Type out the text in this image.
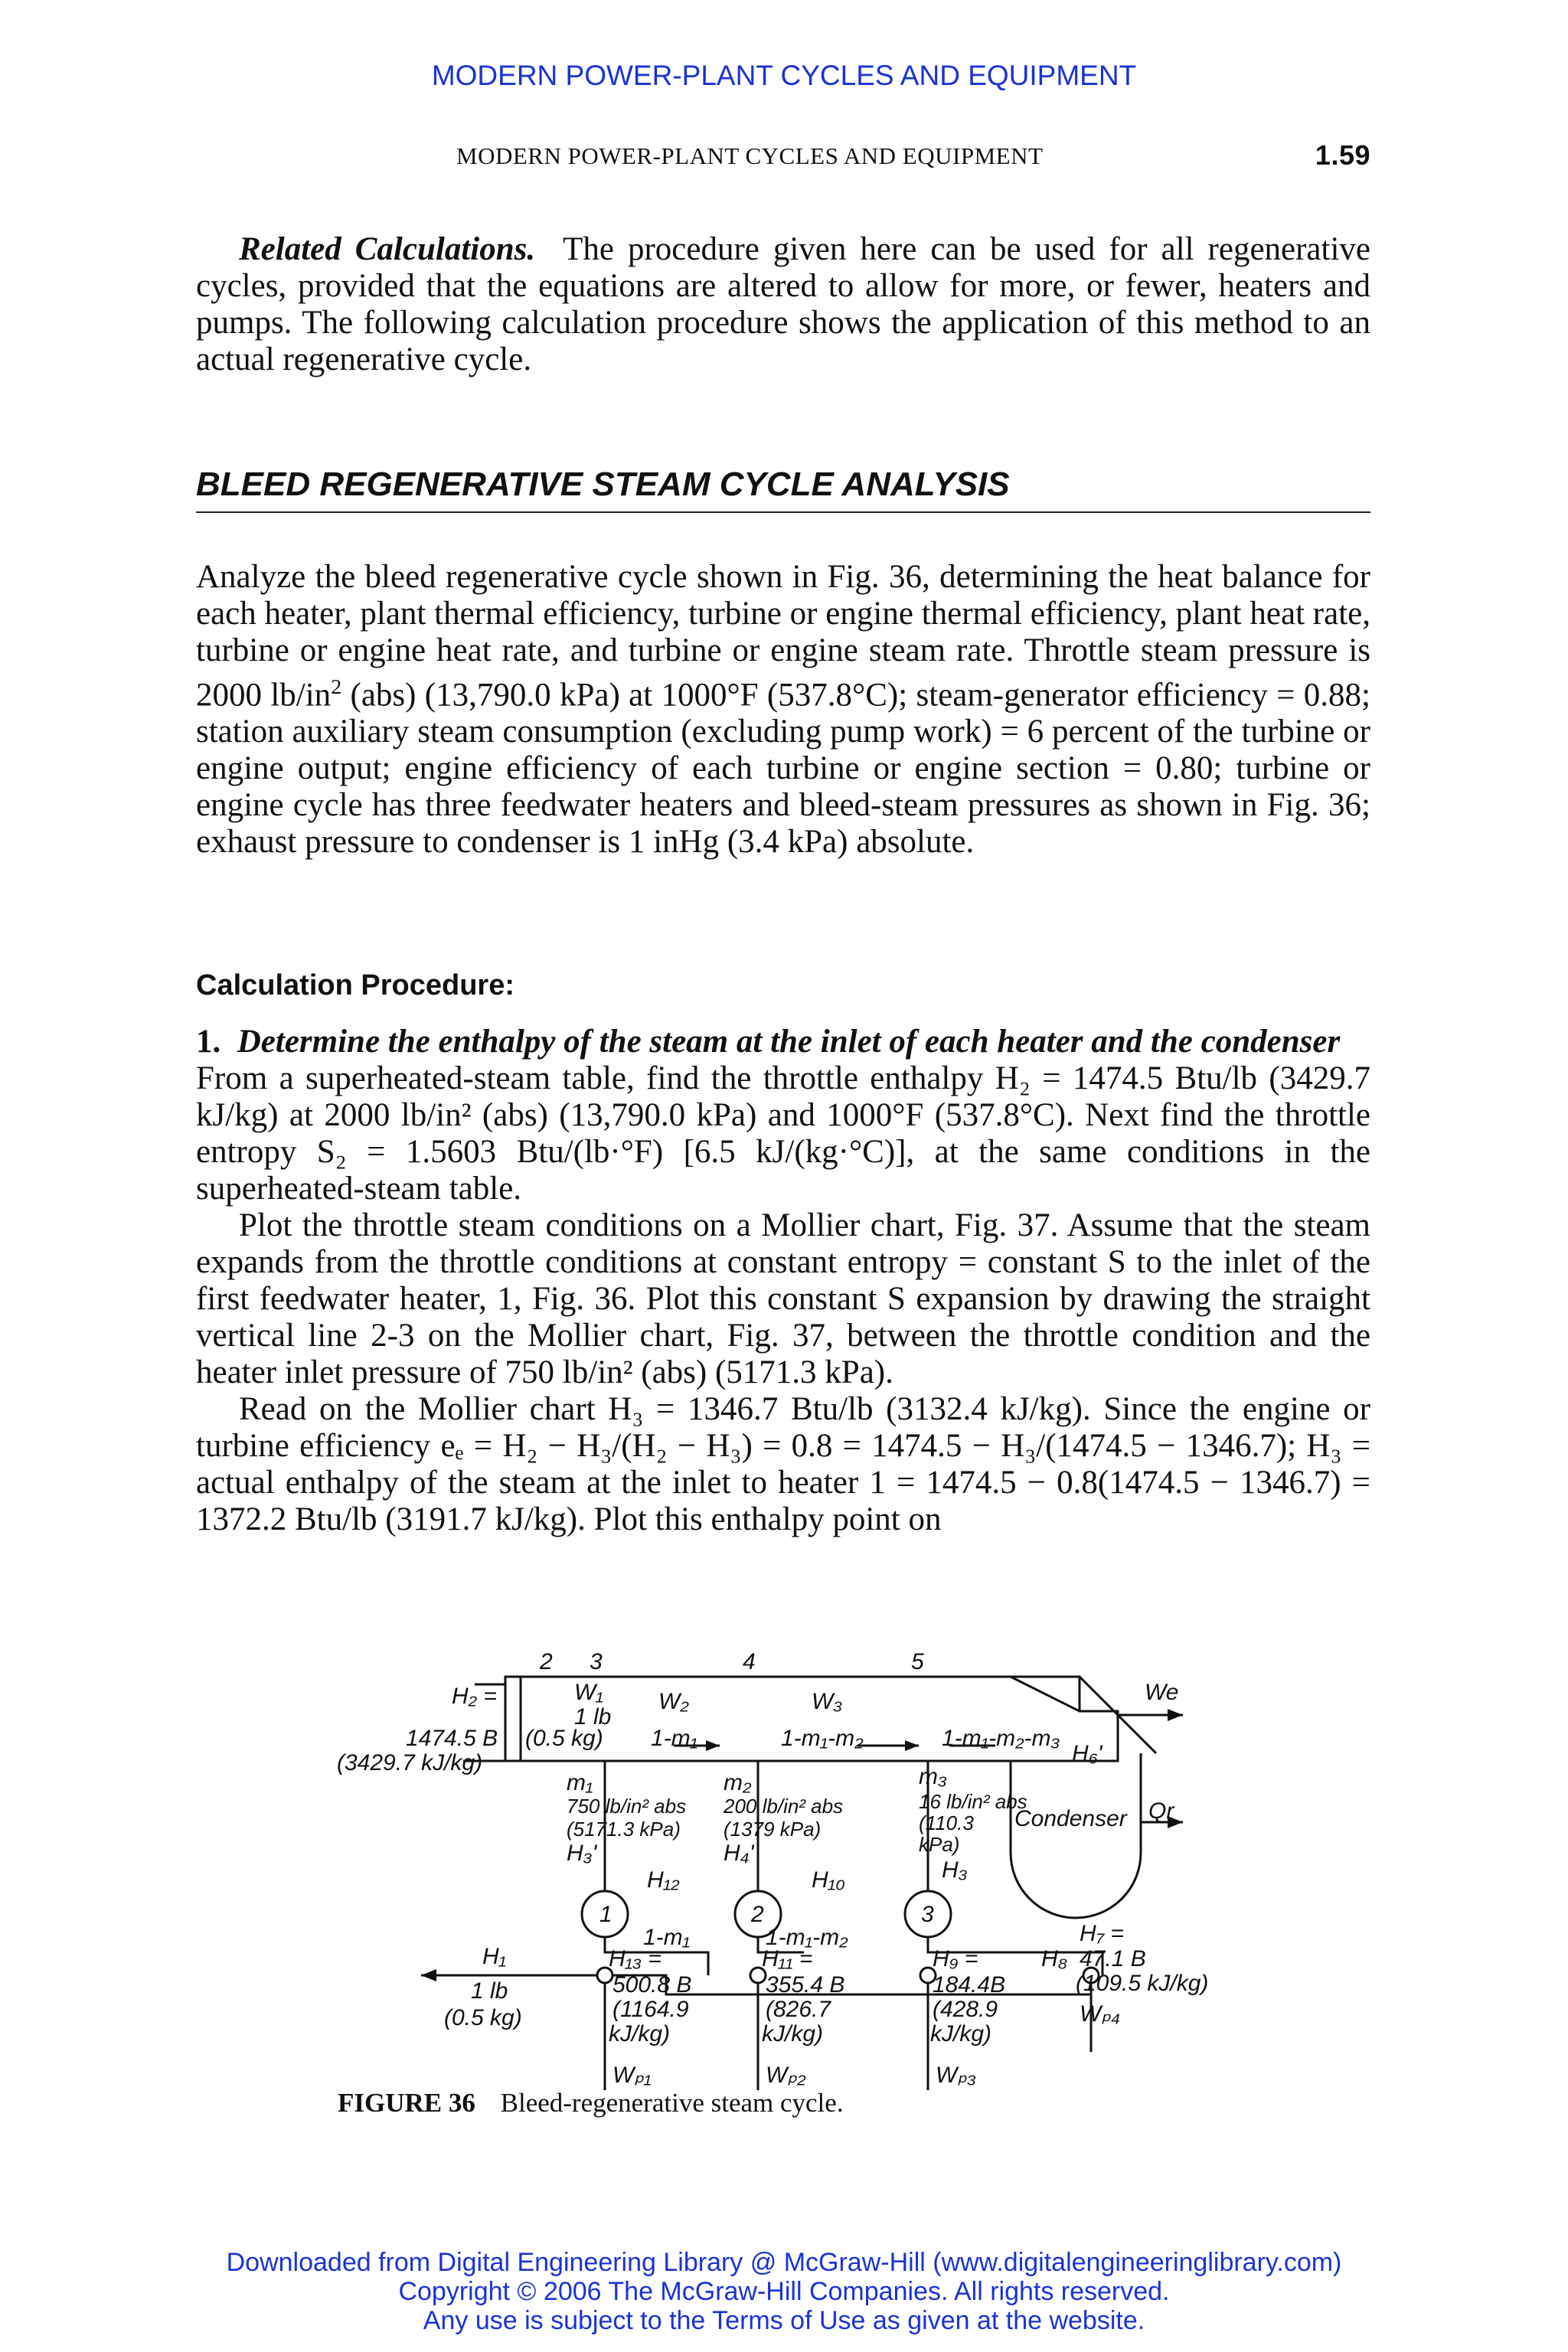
MODERN POWER-PLANT CYCLES AND EQUIPMENT
MODERN POWER-PLANT CYCLES AND EQUIPMENT	1.59

Related Calculations. The procedure given here can be used for all regenerative cycles, provided that the equations are altered to allow for more, or fewer, heaters and pumps. The following calculation procedure shows the application of this method to an actual regenerative cycle.

BLEED REGENERATIVE STEAM CYCLE ANALYSIS

Analyze the bleed regenerative cycle shown in Fig. 36, determining the heat balance for each heater, plant thermal efficiency, turbine or engine thermal efficiency, plant heat rate, turbine or engine heat rate, and turbine or engine steam rate. Throttle steam pressure is 2000 $lb/in^2$ (abs) (13,790.0 kPa) at 1000°F (537.8°C); steam-generator efficiency = 0.88; station auxiliary steam consumption (excluding pump work) = 6 percent of the turbine or engine output; engine efficiency of each turbine or engine section = 0.80; turbine or engine cycle has three feedwater heaters and bleed-steam pressures as shown in Fig. 36; exhaust pressure to condenser is 1 inHg (3.4 kPa) absolute.

Calculation Procedure:
1. Determine the enthalpy of the steam at the inlet of each heater and the condenser

From a superheated-steam table, find the throttle enthalpy H₂ = 1474.5 Btu/lb (3429.7 kJ/kg) at 2000 lb/in² (abs) (13,790.0 kPa) and 1000°F (537.8°C). Next find the throttle entropy S₂ = 1.5603 Btu/(lb·°F) [6.5 kJ/(kg·°C)], at the same conditions in the superheated-steam table.

Plot the throttle steam conditions on a Mollier chart, Fig. 37. Assume that the steam expands from the throttle conditions at constant entropy = constant S to the inlet of the first feedwater heater, 1, Fig. 36. Plot this constant S expansion by drawing the straight vertical line 2-3 on the Mollier chart, Fig. 37, between the throttle condition and the heater inlet pressure of 750 lb/in² (abs) (5171.3 kPa).

Read on the Mollier chart H₃ = 1346.7 Btu/lb (3132.4 kJ/kg). Since the engine or turbine efficiency eₑ = H₂ − H₃/(H₂ − H₃) = 0.8 = 1474.5 − H₃/(1474.5 − 1346.7); H₃ = actual enthalpy of the steam at the inlet to heater 1 = 1474.5 − 0.8(1474.5 − 1346.7) = 1372.2 Btu/lb (3191.7 kJ/kg). Plot this enthalpy point on

2 3	4	5
H₂ =
1474.5 B
(3429.7 kJ/kg)
W₁
1 lb
(0.5 kg)
W₂
1-m₁
W₃
1-m₁-m₂	1-m₁-m₂-m₃
We
H₆'
Qr
Condenser
m₁
750 lb/in² abs
(5171.3 kPa)
H₃'
m₂
200 lb/in² abs
(1379 kPa)
H₄'
m₃
16 lb/in² abs
(110.3
kPa)
H₃
1	2	3
H₁₂	H₁₀
1-m₁	1-m₁-m₂
H₁₃ =
500.8 B
(1164.9
kJ/kg)
H₁₁ =
355.4 B
(826.7
kJ/kg)
H₉ =
184.4B
(428.9
kJ/kg)
H₈
H₇ =
47.1 B
(109.5 kJ/kg)
H₁
1 lb
(0.5 kg)
Wₚ₁	Wₚ₂	Wₚ₃
Wₚ₄
FIGURE 36 Bleed-regenerative steam cycle.
Downloaded from Digital Engineering Library @ McGraw-Hill (www.digitalengineeringlibrary.com)
Copyright © 2006 The McGraw-Hill Companies. All rights reserved.
Any use is subject to the Terms of Use as given at the website.
